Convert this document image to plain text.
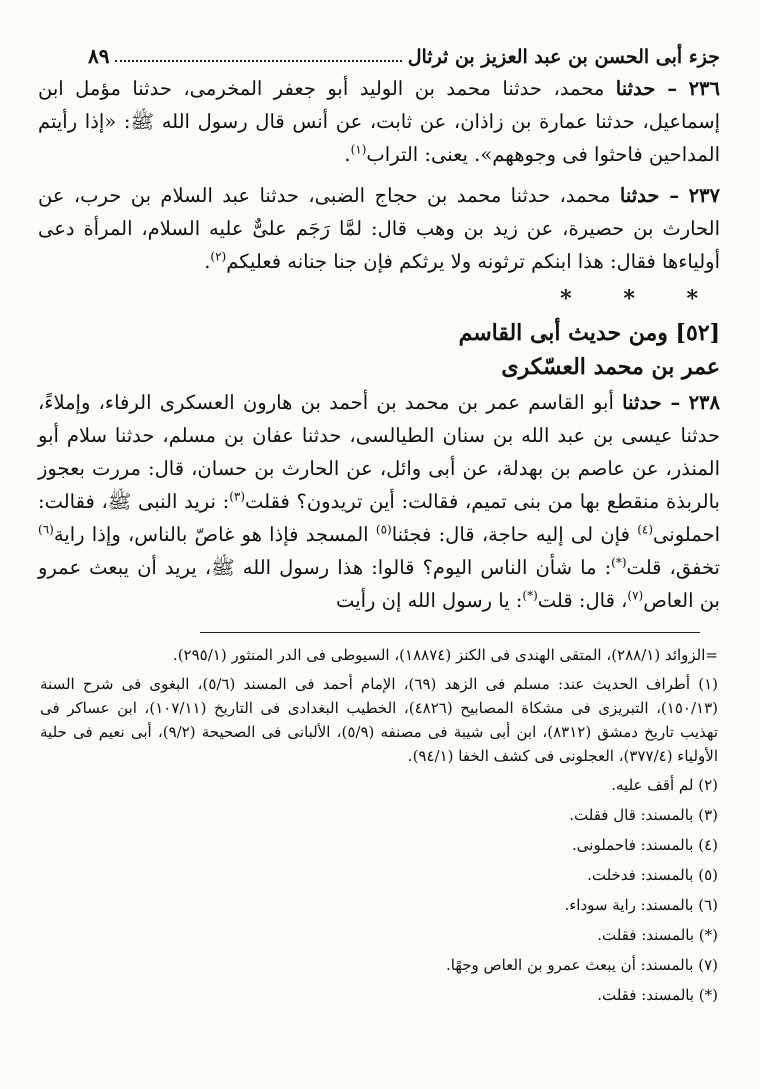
جزء أبى الحسن بن عبد العزيز بن ثرثال
٨٩

٢٣٦ – حدثنا محمد، حدثنا محمد بن الوليد أبو جعفر المخرمى، حدثنا مؤمل ابن إسماعيل، حدثنا عمارة بن زاذان، عن ثابت، عن أنس قال رسول الله ﷺ: «إذا رأيتم المداحين فاحثوا فى وجوههم». يعنى: التراب$^{(١)}$.

٢٣٧ – حدثنا محمد، حدثنا محمد بن حجاج الضبى، حدثنا عبد السلام بن حرب، عن الحارث بن حصيرة، عن زيد بن وهب قال: لمَّا رَجَم علىٌّ عليه السلام، المرأة دعى أولياءها فقال: هذا ابنكم ترثونه ولا يرثكم فإن جنا جنانه فعليكم$^{(٢)}$.

* * *
[٥٢] ومن حديث أبى القاسم
عمر بن محمد العسّكرى

٢٣٨ – حدثنا أبو القاسم عمر بن محمد بن أحمد بن هارون العسكرى الرفاء، وإملاءً، حدثنا عيسى بن عبد الله بن سنان الطيالسى، حدثنا عفان بن مسلم، حدثنا سلام أبو المنذر، عن عاصم بن بهدلة، عن أبى وائل، عن الحارث بن حسان، قال: مررت بعجوز بالربذة منقطع بها من بنى تميم، فقالت: أين تريدون؟ فقلت$^{(٣)}$: نريد النبى ﷺ، فقالت: احملونى$^{(٤)}$ فإن لى إليه حاجة، قال: فجئنا$^{(٥)}$ المسجد فإذا هو غاصّ بالناس، وإذا راية$^{(٦)}$ تخفق، قلت(*): ما شأن الناس اليوم؟ قالوا: هذا رسول الله ﷺ، يريد أن يبعث عمرو بن العاص$^{(٧)}$، قال: قلت(*): يا رسول الله إن رأيت

=الزوائد (٢٨٨/١)، المتقى الهندى فى الكنز (١٨٨٧٤)، السيوطى فى الدر المنثور (٢٩٥/١).
(١) أطراف الحديث عند: مسلم فى الزهد (٦٩)، الإمام أحمد فى المسند (٥/٦)، البغوى فى شرح السنة (١٥٠/١٣)، التبريزى فى مشكاة المصابيح (٤٨٢٦)، الخطيب البغدادى فى التاريخ (١٠٧/١١)، ابن عساكر فى تهذيب تاريخ دمشق (٨٣١٢)، ابن أبى شيبة فى مصنفه (٥/٩)، الألبانى فى الصحيحة (٩/٢)، أبى نعيم فى حلية الأولياء (٣٧٧/٤)، العجلونى فى كشف الخفا (٩٤/١).
(٢) لم أقف عليه.
(٣) بالمسند: قال فقلت.
(٤) بالمسند: فاحملونى.
(٥) بالمسند: فدخلت.
(٦) بالمسند: راية سوداء.
(*) بالمسند: فقلت.
(٧) بالمسند: أن يبعث عمرو بن العاص وجهًا.
(*) بالمسند: فقلت.
